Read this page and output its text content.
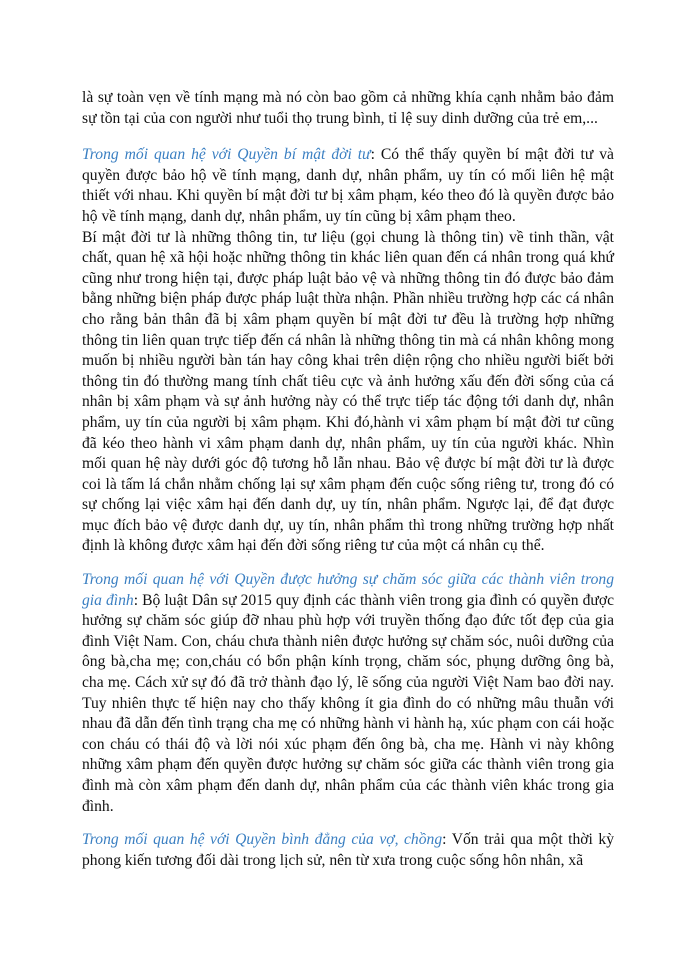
là sự toàn vẹn về tính mạng mà nó còn bao gồm cả những khía cạnh nhằm bảo đảm sự tồn tại của con người như tuổi thọ trung bình, tỉ lệ suy dinh dưỡng của trẻ em,...

Trong mối quan hệ với Quyền bí mật đời tư: Có thể thấy quyền bí mật đời tư và quyền được bảo hộ về tính mạng, danh dự, nhân phẩm, uy tín có mối liên hệ mật thiết với nhau. Khi quyền bí mật đời tư bị xâm phạm, kéo theo đó là quyền được bảo hộ về tính mạng, danh dự, nhân phẩm, uy tín cũng bị xâm phạm theo.

Bí mật đời tư là những thông tin, tư liệu (gọi chung là thông tin) về tinh thần, vật chất, quan hệ xã hội hoặc những thông tin khác liên quan đến cá nhân trong quá khứ cũng như trong hiện tại, được pháp luật bảo vệ và những thông tin đó được bảo đảm bằng những biện pháp được pháp luật thừa nhận. Phần nhiều trường hợp các cá nhân cho rằng bản thân đã bị xâm phạm quyền bí mật đời tư đều là trường hợp những thông tin liên quan trực tiếp đến cá nhân là những thông tin mà cá nhân không mong muốn bị nhiều người bàn tán hay công khai trên diện rộng cho nhiều người biết bởi thông tin đó thường mang tính chất tiêu cực và ảnh hưởng xấu đến đời sống của cá nhân bị xâm phạm và sự ảnh hưởng này có thể trực tiếp tác động tới danh dự, nhân phẩm, uy tín của người bị xâm phạm. Khi đó,hành vi xâm phạm bí mật đời tư cũng đã kéo theo hành vi xâm phạm danh dự, nhân phẩm, uy tín của người khác. Nhìn mối quan hệ này dưới góc độ tương hỗ lẫn nhau. Bảo vệ được bí mật đời tư là được coi là tấm lá chắn nhằm chống lại sự xâm phạm đến cuộc sống riêng tư, trong đó có sự chống lại việc xâm hại đến danh dự, uy tín, nhân phẩm. Ngược lại, để đạt được mục đích bảo vệ được danh dự, uy tín, nhân phẩm thì trong những trường hợp nhất định là không được xâm hại đến đời sống riêng tư của một cá nhân cụ thể.

Trong mối quan hệ với Quyền được hưởng sự chăm sóc giữa các thành viên trong gia đình: Bộ luật Dân sự 2015 quy định các thành viên trong gia đình có quyền được hưởng sự chăm sóc giúp đỡ nhau phù hợp với truyền thống đạo đức tốt đẹp của gia đình Việt Nam. Con, cháu chưa thành niên được hưởng sự chăm sóc, nuôi dưỡng của ông bà,cha mẹ; con,cháu có bổn phận kính trọng, chăm sóc, phụng dưỡng ông bà, cha mẹ. Cách xử sự đó đã trở thành đạo lý, lẽ sống của người Việt Nam bao đời nay. Tuy nhiên thực tế hiện nay cho thấy không ít gia đình do có những mâu thuẫn với nhau đã dẫn đến tình trạng cha mẹ có những hành vi hành hạ, xúc phạm con cái hoặc con cháu có thái độ và lời nói xúc phạm đến ông bà, cha mẹ. Hành vi này không những xâm phạm đến quyền được hưởng sự chăm sóc giữa các thành viên trong gia đình mà còn xâm phạm đến danh dự, nhân phẩm của các thành viên khác trong gia đình.

Trong mối quan hệ với Quyền bình đẳng của vợ, chồng: Vốn trải qua một thời kỳ phong kiến tương đối dài trong lịch sử, nên từ xưa trong cuộc sống hôn nhân, xã
